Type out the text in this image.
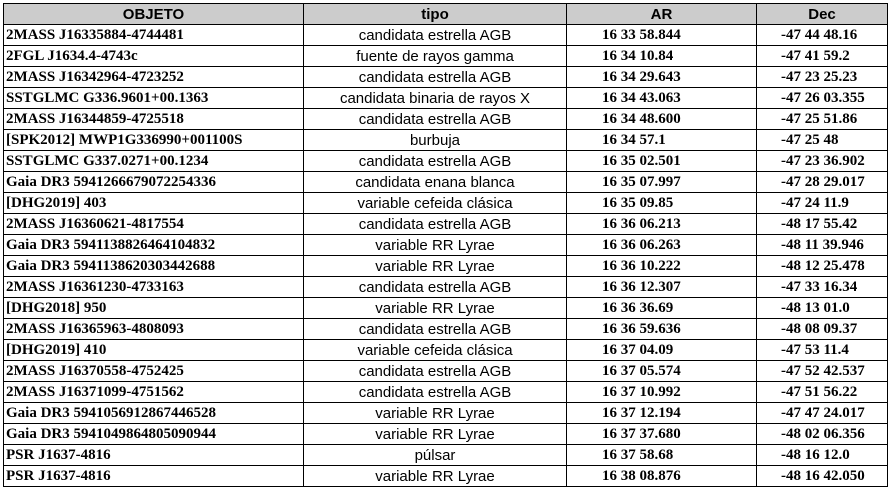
OBJETO	tipo	AR	Dec
2MASS J16335884-4744481	candidata estrella AGB	16 33 58.844	-47 44 48.16
2FGL J1634.4-4743c	fuente de rayos gamma	16 34 10.84	-47 41 59.2
2MASS J16342964-4723252	candidata estrella AGB	16 34 29.643	-47 23 25.23
SSTGLMC G336.9601+00.1363	candidata binaria de rayos X	16 34 43.063	-47 26 03.355
2MASS J16344859-4725518	candidata estrella AGB	16 34 48.600	-47 25 51.86
[SPK2012] MWP1G336990+001100S	burbuja	16 34 57.1	-47 25 48
SSTGLMC G337.0271+00.1234	candidata estrella AGB	16 35 02.501	-47 23 36.902
Gaia DR3 5941266679072254336	candidata enana blanca	16 35 07.997	-47 28 29.017
[DHG2019] 403	variable cefeida clásica	16 35 09.85	-47 24 11.9
2MASS J16360621-4817554	candidata estrella AGB	16 36 06.213	-48 17 55.42
Gaia DR3 5941138826464104832	variable RR Lyrae	16 36 06.263	-48 11 39.946
Gaia DR3 5941138620303442688	variable RR Lyrae	16 36 10.222	-48 12 25.478
2MASS J16361230-4733163	candidata estrella AGB	16 36 12.307	-47 33 16.34
[DHG2018] 950	variable RR Lyrae	16 36 36.69	-48 13 01.0
2MASS J16365963-4808093	candidata estrella AGB	16 36 59.636	-48 08 09.37
[DHG2019] 410	variable cefeida clásica	16 37 04.09	-47 53 11.4
2MASS J16370558-4752425	candidata estrella AGB	16 37 05.574	-47 52 42.537
2MASS J16371099-4751562	candidata estrella AGB	16 37 10.992	-47 51 56.22
Gaia DR3 5941056912867446528	variable RR Lyrae	16 37 12.194	-47 47 24.017
Gaia DR3 5941049864805090944	variable RR Lyrae	16 37 37.680	-48 02 06.356
PSR J1637-4816	púlsar	16 37 58.68	-48 16 12.0
PSR J1637-4816	variable RR Lyrae	16 38 08.876	-48 16 42.050
